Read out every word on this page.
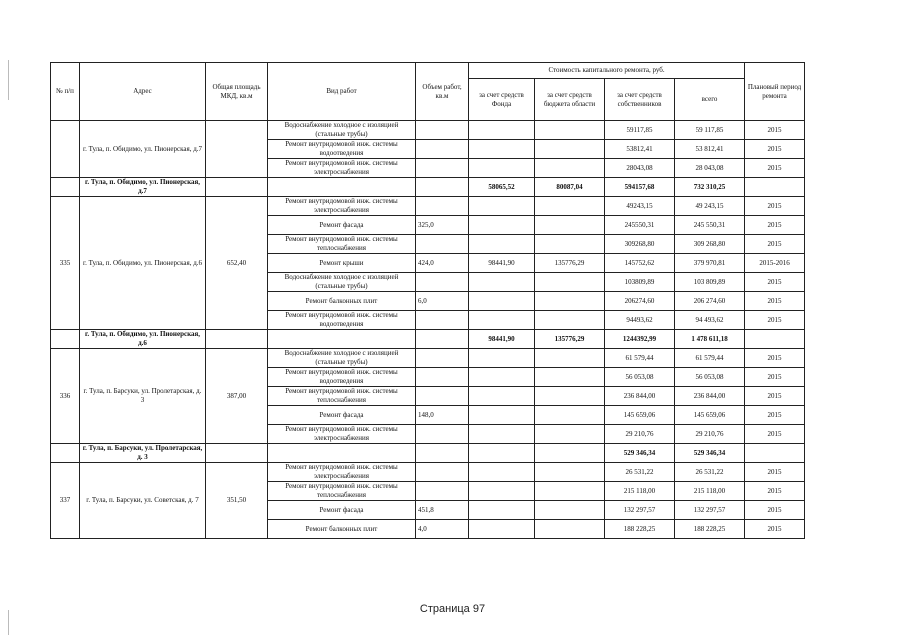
№ п/п	Адрес	Общая площадь МКД, кв.м	Вид работ	Объем работ, кв.м	Стоимость капитального ремонта, руб.				Плановый период ремонта
					за счет средств Фонда	за счет средств бюджета области	за счет средств собственников	всего	
	г. Тула, п. Обидимо, ул. Пионерская, д.7		Водоснабжение холодное с изоляцией (стальные трубы)				59117,85	59 117,85	2015
			Ремонт внутридомовой инж. системы водоотведения				53812,41	53 812,41	2015
			Ремонт внутридомовой инж. системы электроснабжения				28043,08	28 043,08	2015
	г. Тула, п. Обидимо, ул. Пионерская, д.7				58065,52	80087,04	594157,68	732 310,25	
335	г. Тула, п. Обидимо, ул. Пионерская, д.6	652,40	Ремонт внутридомовой инж. системы электроснабжения				49243,15	49 243,15	2015
			Ремонт фасада	325,0			245550,31	245 550,31	2015
			Ремонт внутридомовой инж. системы теплоснабжения				309268,80	309 268,80	2015
			Ремонт крыши	424,0	98441,90	135776,29	145752,62	379 970,81	2015-2016
			Водоснабжение холодное с изоляцией (стальные трубы)				103809,89	103 809,89	2015
			Ремонт балконных плит	6,0			206274,60	206 274,60	2015
			Ремонт внутридомовой инж. системы водоотведения				94493,62	94 493,62	2015
	г. Тула, п. Обидимо, ул. Пионерская, д.6				98441,90	135776,29	1244392,99	1 478 611,18	
336	г. Тула, п. Барсуки, ул. Пролетарская, д. 3	387,00	Водоснабжение холодное с изоляцией (стальные трубы)				61 579,44	61 579,44	2015
			Ремонт внутридомовой инж. системы водоотведения				56 053,08	56 053,08	2015
			Ремонт внутридомовой инж. системы теплоснабжения				236 844,00	236 844,00	2015
			Ремонт фасада	148,0			145 659,06	145 659,06	2015
			Ремонт внутридомовой инж. системы электроснабжения				29 210,76	29 210,76	2015
	г. Тула, п. Барсуки, ул. Пролетарская, д. 3						529 346,34	529 346,34	
337	г. Тула, п. Барсуки, ул. Советская, д. 7	351,50	Ремонт внутридомовой инж. системы электроснабжения				26 531,22	26 531,22	2015
			Ремонт внутридомовой инж. системы теплоснабжения				215 118,00	215 118,00	2015
			Ремонт фасада	451,8			132 297,57	132 297,57	2015
			Ремонт балконных плит	4,0			188 228,25	188 228,25	2015
Страница 97
